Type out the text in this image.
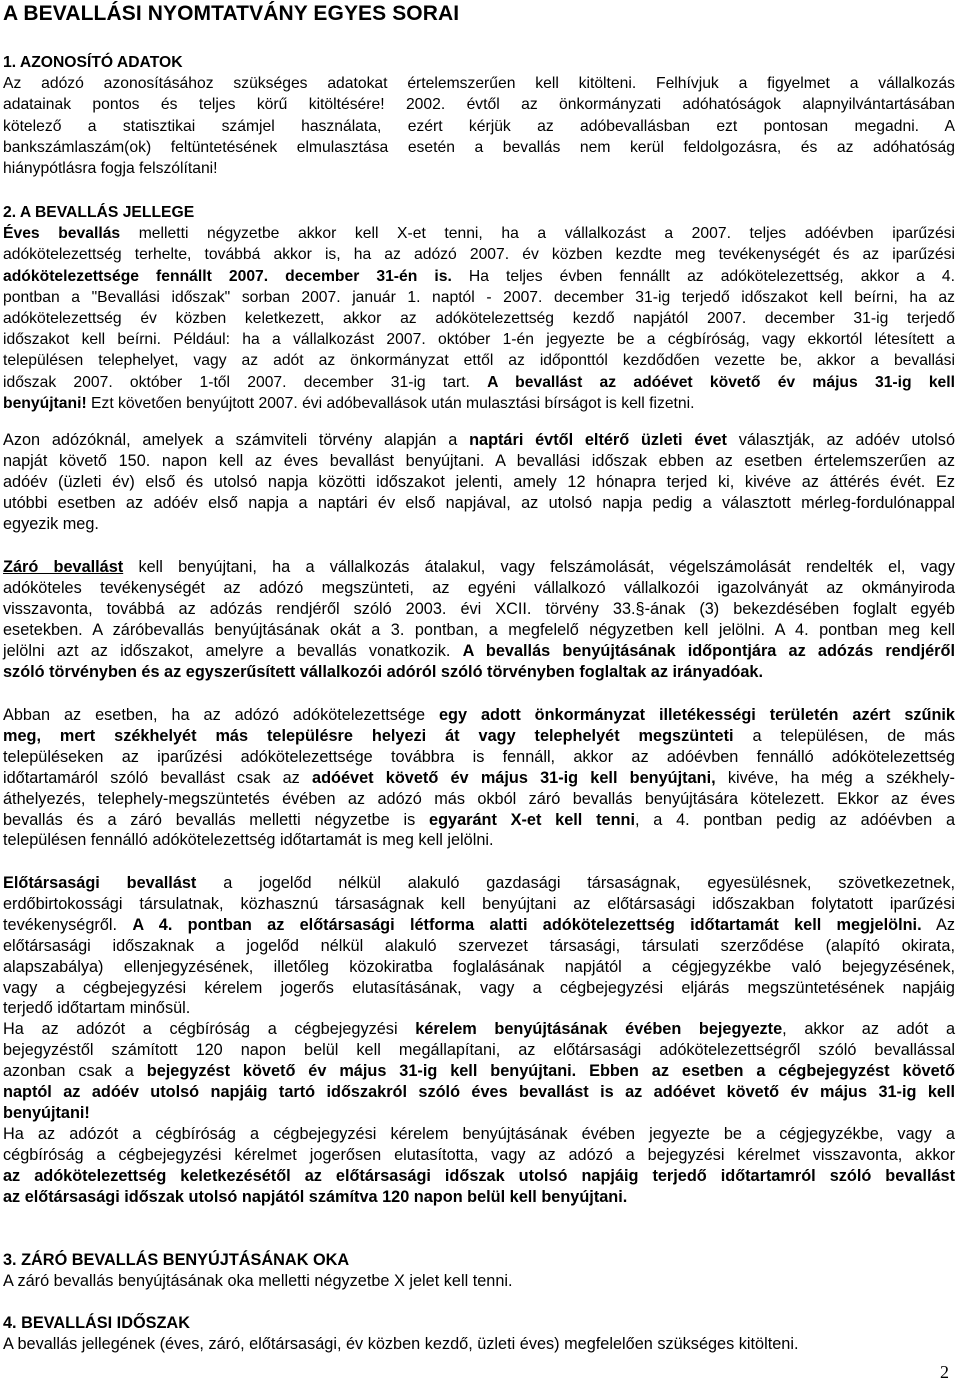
A BEVALLÁSI NYOMTATVÁNY EGYES SORAI
1. AZONOSÍTÓ ADATOK
Az adózó azonosításához szükséges adatokat értelemszerűen kell kitölteni. Felhívjuk a figyelmet a vállalkozás
adatainak pontos és teljes körű kitöltésére! 2002. évtől az önkormányzati adóhatóságok alapnyilvántartásában
kötelező a statisztikai számjel használata, ezért kérjük az adóbevallásban ezt pontosan megadni. A
bankszámlaszám(ok) feltüntetésének elmulasztása esetén a bevallás nem kerül feldolgozásra, és az adóhatóság
hiánypótlásra fogja felszólítani!
2. A BEVALLÁS JELLEGE
Éves bevallás melletti négyzetbe akkor kell X-et tenni, ha a vállalkozást a 2007. teljes adóévben iparűzési
adókötelezettség terhelte, továbbá akkor is, ha az adózó 2007. év közben kezdte meg tevékenységét és az iparűzési
adókötelezettsége fennállt 2007. december 31-én is. Ha teljes évben fennállt az adókötelezettség, akkor a 4.
pontban a "Bevallási időszak" sorban 2007. január 1. naptól - 2007. december 31-ig terjedő időszakot kell beírni, ha az
adókötelezettség év közben keletkezett, akkor az adókötelezettség kezdő napjától 2007. december 31-ig terjedő
időszakot kell beírni. Például: ha a vállalkozást 2007. október 1-én jegyezte be a cégbíróság, vagy ekkortól létesített a
településen telephelyet, vagy az adót az önkormányzat ettől az időponttól kezdődően vezette be, akkor a bevallási
időszak 2007. október 1-től 2007. december 31-ig tart. A bevallást az adóévet követő év május 31-ig kell
benyújtani! Ezt követően benyújtott 2007. évi adóbevallások után mulasztási bírságot is kell fizetni.
Azon adózóknál, amelyek a számviteli törvény alapján a naptári évtől eltérő üzleti évet választják, az adóév utolsó
napját követő 150. napon kell az éves bevallást benyújtani. A bevallási időszak ebben az esetben értelemszerűen az
adóév (üzleti év) első és utolsó napja közötti időszakot jelenti, amely 12 hónapra terjed ki, kivéve az áttérés évét. Ez
utóbbi esetben az adóév első napja a naptári év első napjával, az utolsó napja pedig a választott mérleg-fordulónappal
egyezik meg.
Záró bevallást kell benyújtani, ha a vállalkozás átalakul, vagy felszámolását, végelszámolását rendelték el, vagy
adóköteles tevékenységét az adózó megszünteti, az egyéni vállalkozó vállalkozói igazolványát az okmányiroda
visszavonta, továbbá az adózás rendjéről szóló 2003. évi XCII. törvény 33.§-ának (3) bekezdésében foglalt egyéb
esetekben. A záróbevallás benyújtásának okát a 3. pontban, a megfelelő négyzetben kell jelölni. A 4. pontban meg kell
jelölni azt az időszakot, amelyre a bevallás vonatkozik. A bevallás benyújtásának időpontjára az adózás rendjéről
szóló törvényben és az egyszerűsített vállalkozói adóról szóló törvényben foglaltak az irányadóak.
Abban az esetben, ha az adózó adókötelezettsége egy adott önkormányzat illetékességi területén azért szűnik
meg, mert székhelyét más településre helyezi át vagy telephelyét megszünteti a településen, de más
településeken az iparűzési adókötelezettsége továbbra is fennáll, akkor az adóévben fennálló adókötelezettség
időtartamáról szóló bevallást csak az adóévet követő év május 31-ig kell benyújtani, kivéve, ha még a székhely-
áthelyezés, telephely-megszüntetés évében az adózó más okból záró bevallás benyújtására kötelezett. Ekkor az éves
bevallás és a záró bevallás melletti négyzetbe is egyaránt X-et kell tenni, a 4. pontban pedig az adóévben a
településen fennálló adókötelezettség időtartamát is meg kell jelölni.
Előtársasági bevallást a jogelőd nélkül alakuló gazdasági társaságnak, egyesülésnek, szövetkezetnek,
erdőbirtokossági társulatnak, közhasznú társaságnak kell benyújtani az előtársasági időszakban folytatott iparűzési
tevékenységről. A 4. pontban az előtársasági létforma alatti adókötelezettség időtartamát kell megjelölni. Az
előtársasági időszaknak a jogelőd nélkül alakuló szervezet társasági, társulati szerződése (alapító okirata,
alapszabálya) ellenjegyzésének, illetőleg közokiratba foglalásának napjától a cégjegyzékbe való bejegyzésének,
vagy a cégbejegyzési kérelem jogerős elutasításának, vagy a cégbejegyzési eljárás megszüntetésének napjáig
terjedő időtartam minősül.
Ha az adózót a cégbíróság a cégbejegyzési kérelem benyújtásának évében bejegyezte, akkor az adót a
bejegyzéstől számított 120 napon belül kell megállapítani, az előtársasági adókötelezettségről szóló bevallással
azonban csak a bejegyzést követő év május 31-ig kell benyújtani. Ebben az esetben a cégbejegyzést követő
naptól az adóév utolsó napjáig tartó időszakról szóló éves bevallást is az adóévet követő év május 31-ig kell
benyújtani!
Ha az adózót a cégbíróság a cégbejegyzési kérelem benyújtásának évében jegyezte be a cégjegyzékbe, vagy a
cégbíróság a cégbejegyzési kérelmet jogerősen elutasította, vagy az adózó a bejegyzési kérelmet visszavonta, akkor
az adókötelezettség keletkezésétől az előtársasági időszak utolsó napjáig terjedő időtartamról szóló bevallást
az előtársasági időszak utolsó napjától számítva 120 napon belül kell benyújtani.
3. ZÁRÓ BEVALLÁS BENYÚJTÁSÁNAK OKA
A záró bevallás benyújtásának oka melletti négyzetbe X jelet kell tenni.
4. BEVALLÁSI IDŐSZAK
A bevallás jellegének (éves, záró, előtársasági, év közben kezdő, üzleti éves) megfelelően szükséges kitölteni.
2
